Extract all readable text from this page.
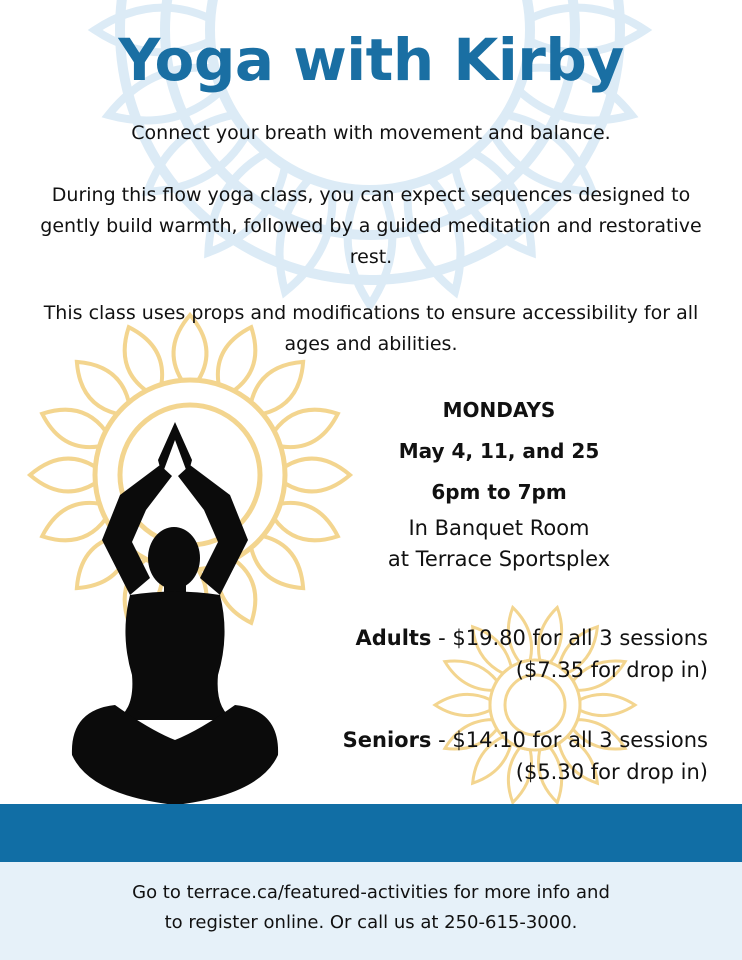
Yoga with Kirby

Connect your breath with movement and balance.

During this flow yoga class, you can expect sequences designed to gently build warmth, followed by a guided meditation and restorative rest.

This class uses props and modifications to ensure accessibility for all ages and abilities.

MONDAYS
May 4, 11, and 25
6pm to 7pm
In Banquet Room
at Terrace Sportsplex
Adults - $19.80 for all 3 sessions
($7.35 for drop in)
Seniors - $14.10 for all 3 sessions
($5.30 for drop in)

Go to terrace.ca/featured-activities for more info and
to register online. Or call us at 250-615-3000.
